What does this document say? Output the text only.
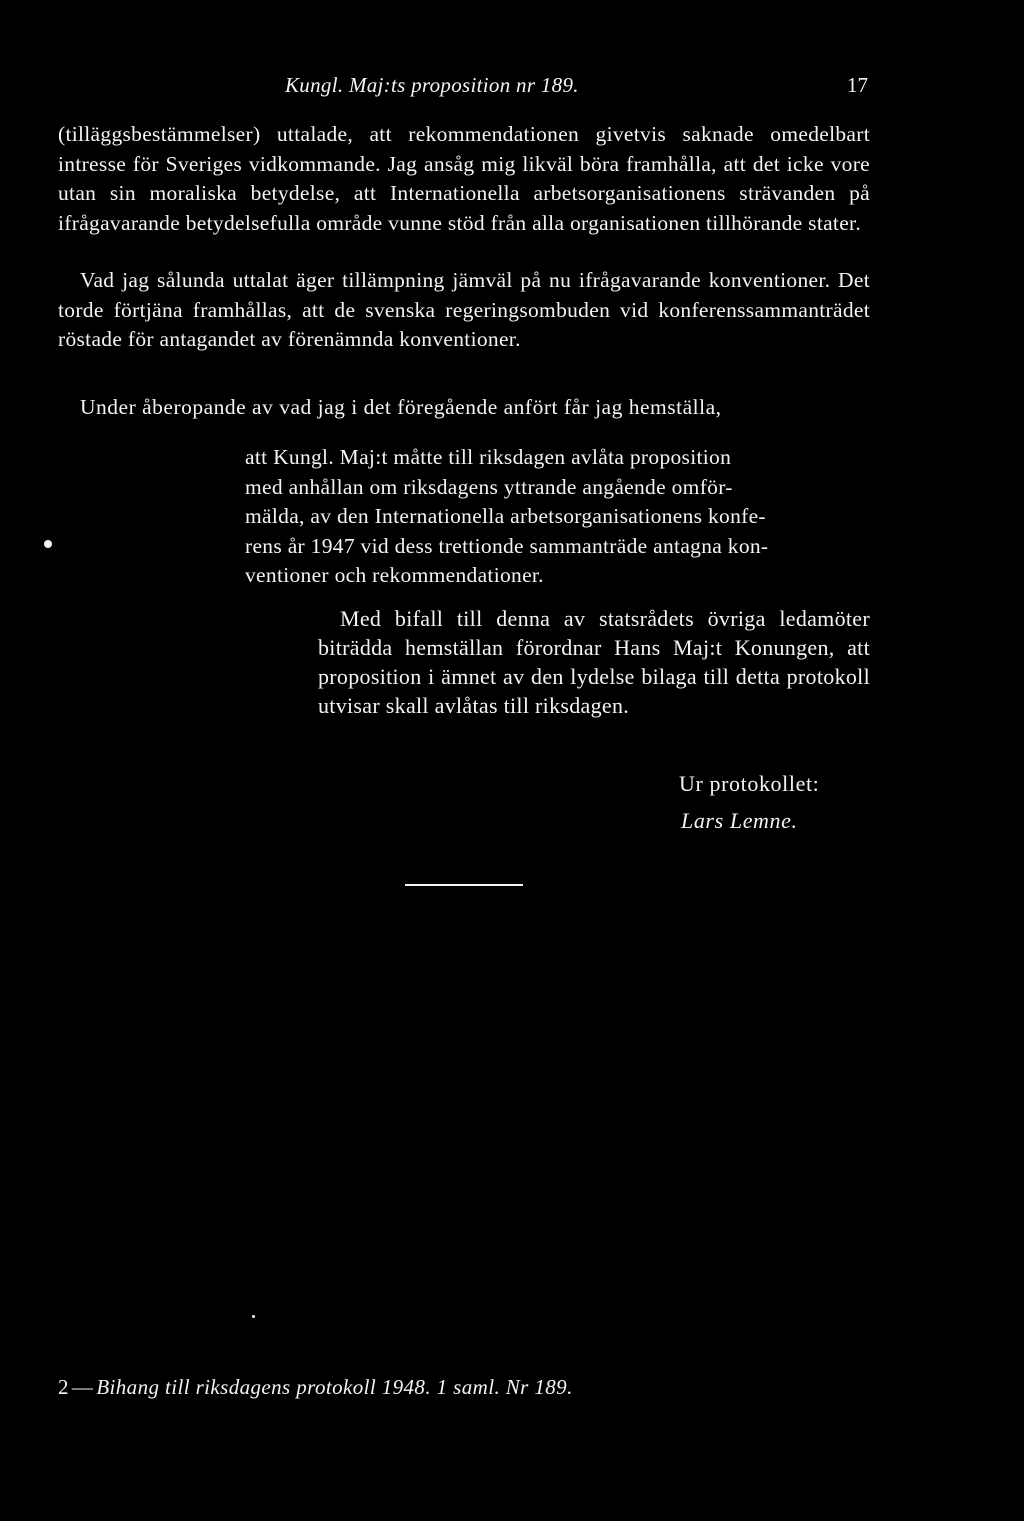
Kungl. Maj:ts proposition nr 189.	17

(tilläggsbestämmelser) uttalade, att rekommendationen givetvis saknade omedelbart intresse för Sveriges vidkommande. Jag ansåg mig likväl böra framhålla, att det icke vore utan sin moraliska betydelse, att Internationella arbetsorganisationens strävanden på ifrågavarande betydelsefulla område vunne stöd från alla organisationen tillhörande stater.

Vad jag sålunda uttalat äger tillämpning jämväl på nu ifrågavarande konventioner. Det torde förtjäna framhållas, att de svenska regeringsombuden vid konferenssammanträdet röstade för antagandet av förenämnda konventioner.

Under åberopande av vad jag i det föregående anfört får jag hemställa,

att Kungl. Maj:t måtte till riksdagen avlåta proposition
med anhållan om riksdagens yttrande angående omför-
mälda, av den Internationella arbetsorganisationens konfe-
rens år 1947 vid dess trettionde sammanträde antagna kon-
ventioner och rekommendationer.

Med bifall till denna av statsrådets övriga ledamöter biträdda hemställan förordnar Hans Maj:t Konungen, att proposition i ämnet av den lydelse bilaga till detta protokoll utvisar skall avlåtas till riksdagen.

Ur protokollet:
Lars Lemne.
2 — Bihang till riksdagens protokoll 1948. 1 saml. Nr 189.
